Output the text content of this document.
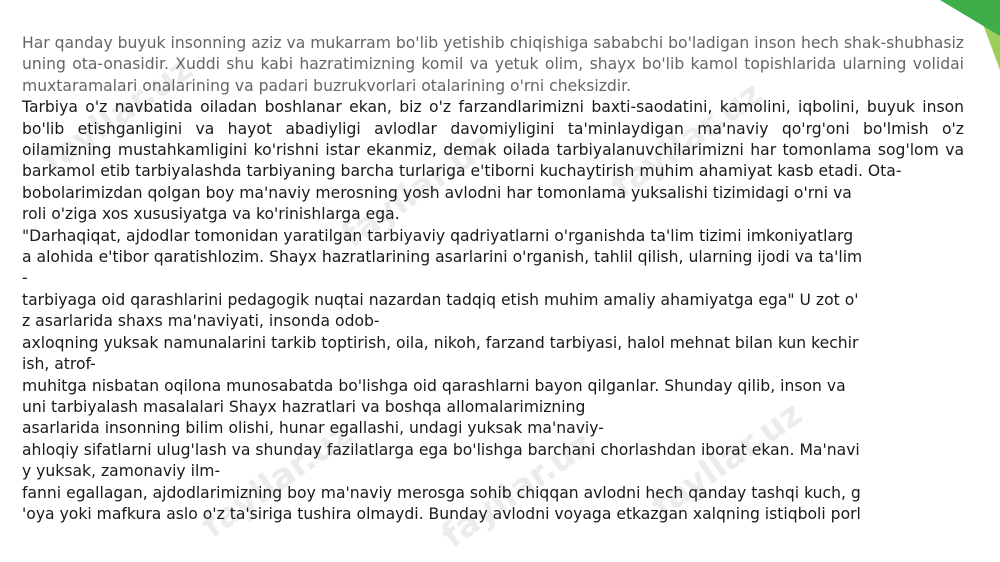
fayllar.uz
fayllar.uz	fayllar.uz
fayllar.uz fayllar.uz fayllar.uz

Har qanday buyuk insonning aziz va mukarram bo'lib yetishib chiqishiga sababchi bo'ladigan inson hech shak-shubhasiz uning ota-onasidir. Xuddi shu kabi hazratimizning komil va yetuk olim, shayx bo'lib kamol topishlarida ularning volidai muxtaramalari onalarining va padari buzrukvorlari otalarining o'rni cheksizdir.

Tarbiya o'z navbatida oiladan boshlanar ekan, biz o'z farzandlarimizni baxti-saodatini, kamolini, iqbolini, buyuk inson bo'lib etishganligini va hayot abadiyligi avlodlar davomiyligini ta'minlaydigan ma'naviy qo'rg'oni bo'lmish o'z oilamizning mustahkamligini ko'rishni istar ekanmiz, demak oilada tarbiyalanuvchilarimizni har tomonlama sog'lom va barkamol etib tarbiyalashda tarbiyaning barcha turlariga e'tiborni kuchaytirish muhim ahamiyat kasb etadi. Ota-

bobolarimizdan qolgan boy ma'naviy merosning yosh avlodni har tomonlama yuksalishi tizimidagi o'rni va
roli o'ziga xos xususiyatga va ko'rinishlarga ega.
"Darhaqiqat, ajdodlar tomonidan yaratilgan tarbiyaviy qadriyatlarni o'rganishda ta'lim tizimi imkoniyatlarg
a alohida e'tibor qaratishlozim. Shayx hazratlarining asarlarini o'rganish, tahlil qilish, ularning ijodi va ta'lim
-
tarbiyaga oid qarashlarini pedagogik nuqtai nazardan tadqiq etish muhim amaliy ahamiyatga ega" U zot o'
z asarlarida shaxs ma'naviyati, insonda odob-
axloqning yuksak namunalarini tarkib toptirish, oila, nikoh, farzand tarbiyasi, halol mehnat bilan kun kechir
ish, atrof-
muhitga nisbatan oqilona munosabatda bo'lishga oid qarashlarni bayon qilganlar. Shunday qilib, inson va
uni tarbiyalash masalalari Shayx hazratlari va boshqa allomalarimizning
asarlarida insonning bilim olishi, hunar egallashi, undagi yuksak ma'naviy-
ahloqiy sifatlarni ulug'lash va shunday fazilatlarga ega bo'lishga barchani chorlashdan iborat ekan. Ma'navi
y yuksak, zamonaviy ilm-
fanni egallagan, ajdodlarimizning boy ma'naviy merosga sohib chiqqan avlodni hech qanday tashqi kuch, g
'oya yoki mafkura aslo o'z ta'siriga tushira olmaydi. Bunday avlodni voyaga etkazgan xalqning istiqboli porl
